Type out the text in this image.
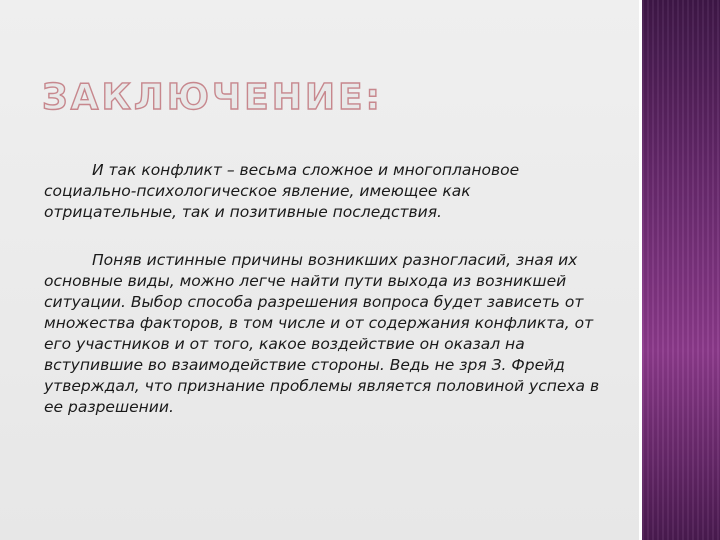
ЗАКЛЮЧЕНИЕ:

И так конфликт – весьма сложное и многоплановое социально-психологическое явление, имеющее как отрицательные, так и позитивные последствия.

Поняв истинные причины возникших разногласий, зная их основные виды, можно легче найти пути выхода из возникшей ситуации. Выбор способа разрешения вопроса будет зависеть от множества факторов, в том числе и от содержания конфликта, от его участников и от того, какое воздействие он оказал на вступившие во взаимодействие стороны. Ведь не зря З. Фрейд утверждал, что признание проблемы является половиной успеха в ее разрешении.
